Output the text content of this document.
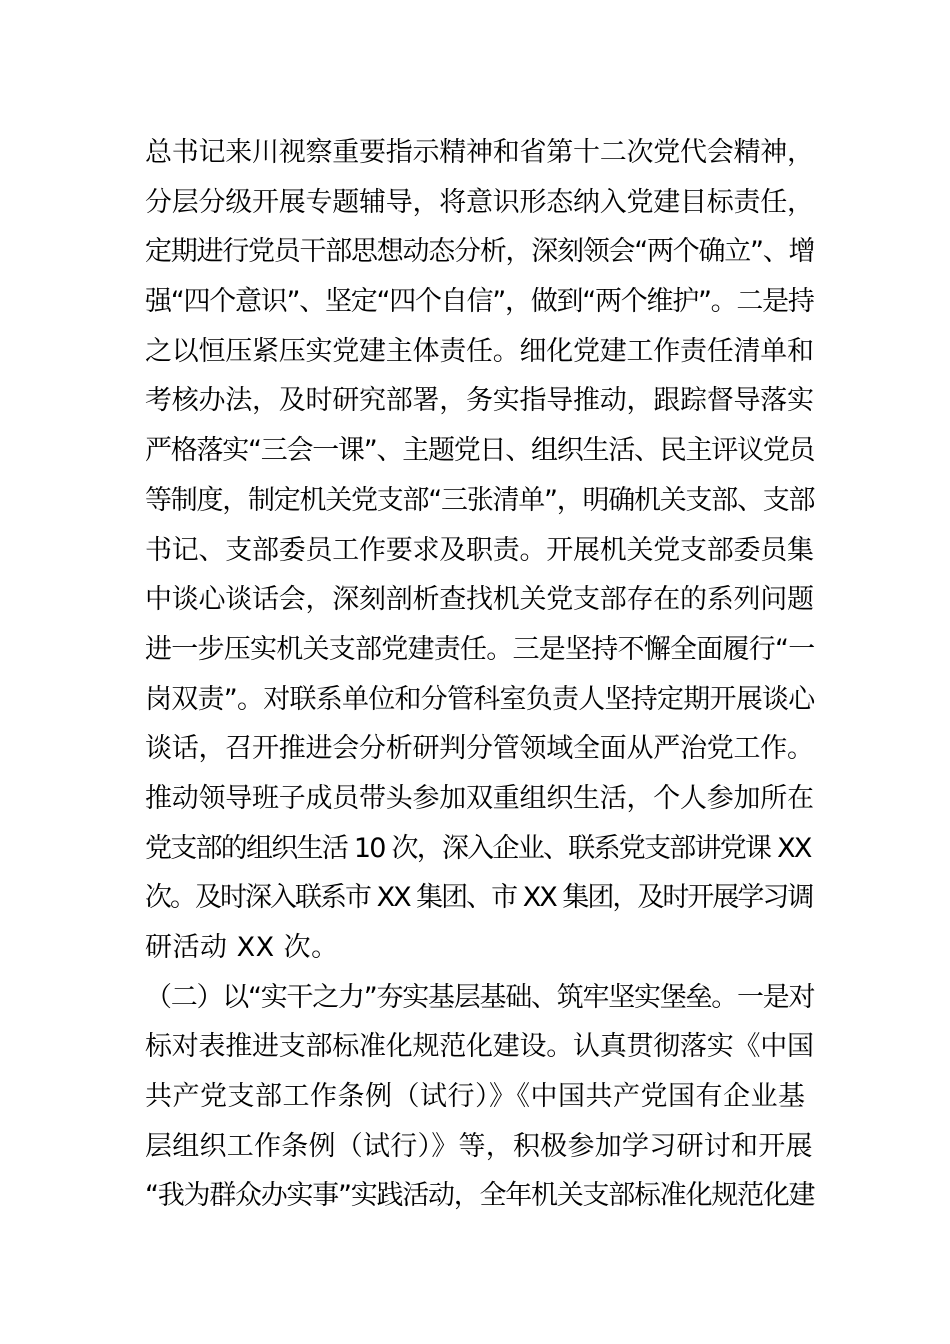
总书记来川视察重要指示精神和省第十二次党代会精神，
分层分级开展专题辅导，将意识形态纳入党建目标责任，
定期进行党员干部思想动态分析，深刻领会“两个确立”、增
强“四个意识”、坚定“四个自信”，做到“两个维护”。二是持
之以恒压紧压实党建主体责任。细化党建工作责任清单和
考核办法，及时研究部署，务实指导推动，跟踪督导落实
严格落实“三会一课”、主题党日、组织生活、民主评议党员
等制度，制定机关党支部“三张清单”，明确机关支部、支部
书记、支部委员工作要求及职责。开展机关党支部委员集
中谈心谈话会，深刻剖析查找机关党支部存在的系列问题
进一步压实机关支部党建责任。三是坚持不懈全面履行“一
岗双责”。对联系单位和分管科室负责人坚持定期开展谈心
谈话，召开推进会分析研判分管领域全面从严治党工作。
推动领导班子成员带头参加双重组织生活，个人参加所在
党支部的组织生活 10 次，深入企业、联系党支部讲党课 XX
次。及时深入联系市 XX 集团、市 XX 集团，及时开展学习调
研活动 XX 次。
（二）以“实干之力”夯实基层基础、筑牢坚实堡垒。一是对
标对表推进支部标准化规范化建设。认真贯彻落实《中国
共产党支部工作条例（试行）》《中国共产党国有企业基
层组织工作条例（试行）》等，积极参加学习研讨和开展
“我为群众办实事”实践活动，全年机关支部标准化规范化建
